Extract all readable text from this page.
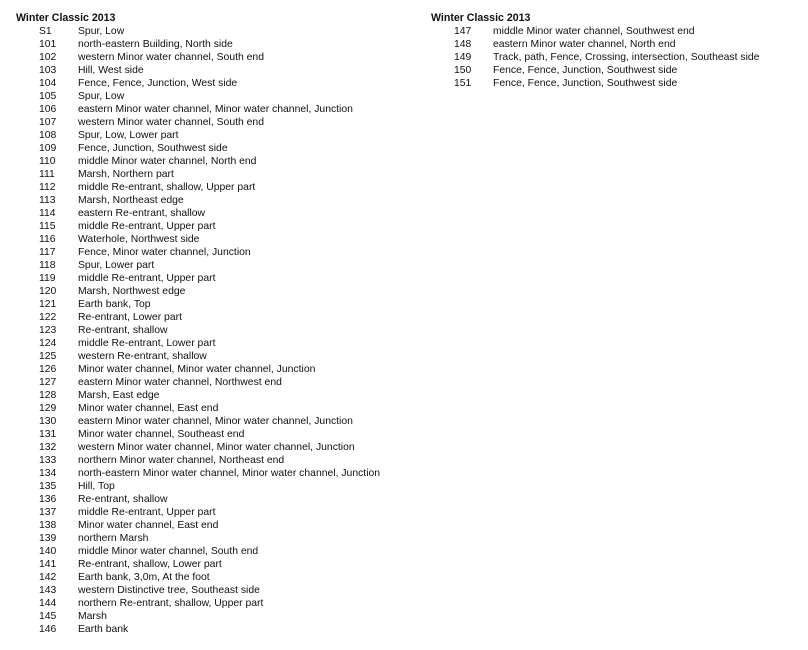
Winter Classic 2013
S1	Spur, Low
101	north-eastern Building, North side
102	western Minor water channel, South end
103	Hill, West side
104	Fence, Fence, Junction, West side
105	Spur, Low
106	eastern Minor water channel, Minor water channel, Junction
107	western Minor water channel, South end
108	Spur, Low, Lower part
109	Fence, Junction, Southwest side
110	middle Minor water channel, North end
111	Marsh, Northern part
112	middle Re-entrant, shallow, Upper part
113	Marsh, Northeast edge
114	eastern Re-entrant, shallow
115	middle Re-entrant, Upper part
116	Waterhole, Northwest side
117	Fence, Minor water channel, Junction
118	Spur, Lower part
119	middle Re-entrant, Upper part
120	Marsh, Northwest edge
121	Earth bank, Top
122	Re-entrant, Lower part
123	Re-entrant, shallow
124	middle Re-entrant, Lower part
125	western Re-entrant, shallow
126	Minor water channel, Minor water channel, Junction
127	eastern Minor water channel, Northwest end
128	Marsh, East edge
129	Minor water channel, East end
130	eastern Minor water channel, Minor water channel, Junction
131	Minor water channel, Southeast end
132	western Minor water channel, Minor water channel, Junction
133	northern Minor water channel, Northeast end
134	north-eastern Minor water channel, Minor water channel, Junction
135	Hill, Top
136	Re-entrant, shallow
137	middle Re-entrant, Upper part
138	Minor water channel, East end
139	northern Marsh
140	middle Minor water channel, South end
141	Re-entrant, shallow, Lower part
142	Earth bank, 3,0m, At the foot
143	western Distinctive tree, Southeast side
144	northern Re-entrant, shallow, Upper part
145	Marsh
146	Earth bank
Winter Classic 2013
147	middle Minor water channel, Southwest end
148	eastern Minor water channel, North end
149	Track, path, Fence, Crossing, intersection, Southeast side
150	Fence, Fence, Junction, Southwest side
151	Fence, Fence, Junction, Southwest side
